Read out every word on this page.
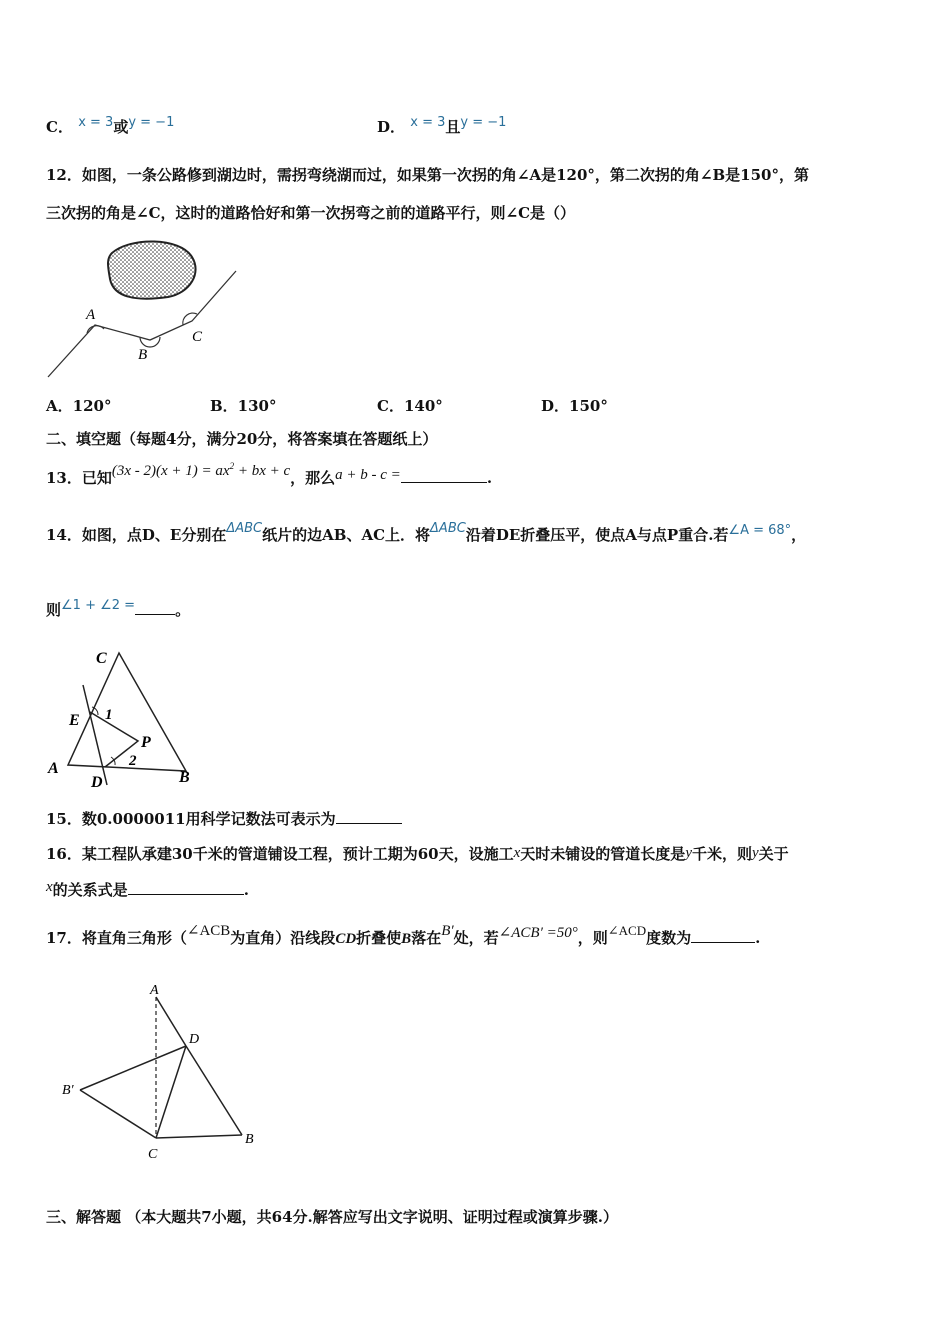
C． x = 3或y = −1	D． x = 3且y = −1
12．如图，一条公路修到湖边时，需拐弯绕湖而过，如果第一次拐的角∠A是120°，第二次拐的角∠B是150°，第
三次拐的角是∠C，这时的道路恰好和第一次拐弯之前的道路平行，则∠C是（）
A
B
C
A．120°	B．130°	C．140°	D．150°
二、填空题（每题4分，满分20分，将答案填在答题纸上）
13．已知$(3x - 2)(x + 1) = ax^2$ + bx + c，那么a + b - c =	.
14．如图，点D、E分别在ΔABC纸片的边AB、AC上．将ΔABC沿着DE折叠压平，使点A与点P重合.若∠A = 68°，
则∠1 + ∠2 =	。
C
E 1
P
2
A
D	B
15．数0.0000011用科学记数法可表示为
16．某工程队承建30千米的管道铺设工程，预计工期为60天，设施工x天时未铺设的管道长度是y千米，则y关于
x的关系式是	.
17．将直角三角形（∠ACB为直角）沿线段CD折叠使B落在B′处，若∠ACB′ =50°，则∠ACD度数为	.
A
D
B′
C
B
三、解答题 （本大题共7小题，共64分.解答应写出文字说明、证明过程或演算步骤.）
